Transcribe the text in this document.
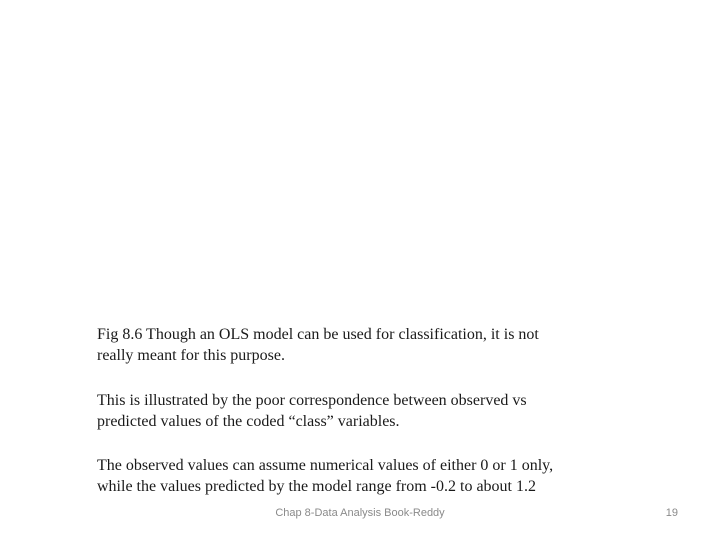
Fig 8.6 Though an OLS model can be used for classification, it is not
really meant for this purpose.

This is illustrated by the poor correspondence between observed vs
predicted values of the coded “class” variables.

The observed values can assume numerical values of either 0 or 1 only,
while the values predicted by the model range from -0.2 to about 1.2

Chap 8-Data Analysis Book-Reddy	19
